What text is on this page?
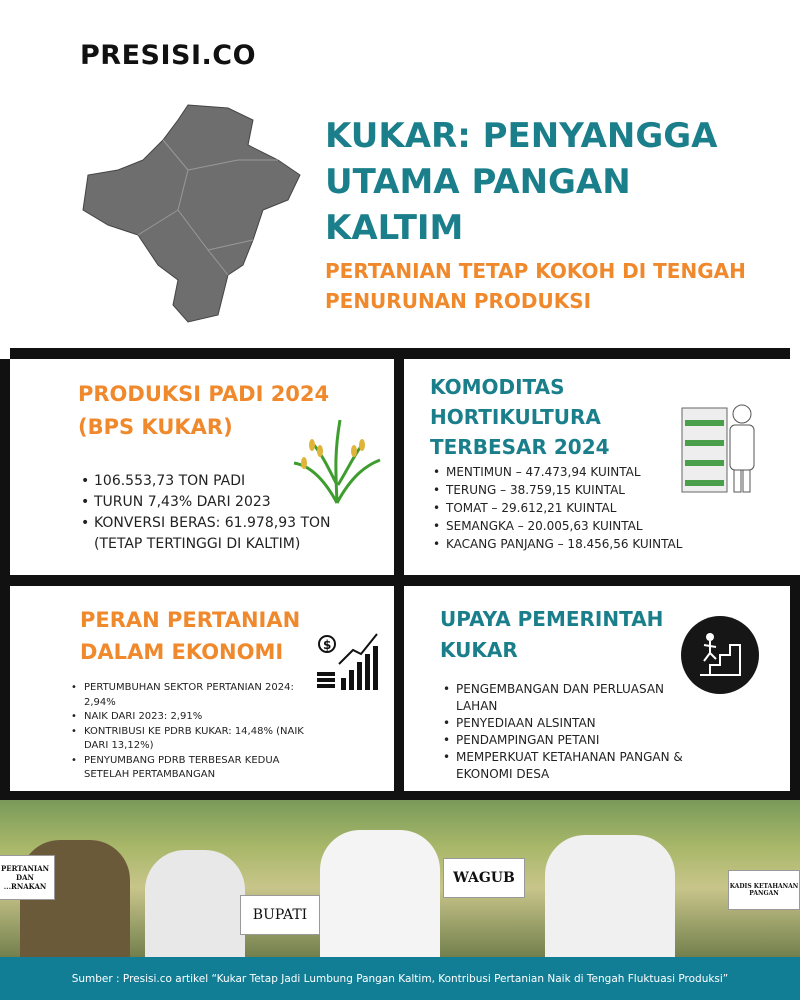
PRESISI.CO
KUKAR: PENYANGGA UTAMA PANGAN KALTIM
PERTANIAN TETAP KOKOH DI TENGAH PENURUNAN PRODUKSI
PRODUKSI PADI 2024 (BPS KUKAR)
• 106.553,73 TON PADI
• TURUN 7,43% DARI 2023
• KONVERSI BERAS: 61.978,93 TON (TETAP TERTINGGI DI KALTIM)
KOMODITAS HORTIKULTURA TERBESAR 2024
• MENTIMUN – 47.473,94 KUINTAL
• TERUNG – 38.759,15 KUINTAL
• TOMAT – 29.612,21 KUINTAL
• SEMANGKA – 20.005,63 KUINTAL
• KACANG PANJANG – 18.456,56 KUINTAL
PERAN PERTANIAN DALAM EKONOMI
• PERTUMBUHAN SEKTOR PERTANIAN 2024: 2,94%
• NAIK DARI 2023: 2,91%
• KONTRIBUSI KE PDRB KUKAR: 14,48% (NAIK DARI 13,12%)
• PENYUMBANG PDRB TERBESAR KEDUA SETELAH PERTAMBANGAN
$
UPAYA PEMERINTAH KUKAR
• PENGEMBANGAN DAN PERLUASAN LAHAN
• PENYEDIAAN ALSINTAN
• PENDAMPINGAN PETANI
• MEMPERKUAT KETAHANAN PANGAN & EKONOMI DESA
PERTANIAN DAN ...RNAKAN
BUPATI
WAGUB
KADIS KETAHANAN PANGAN
Sumber : Presisi.co artikel “Kukar Tetap Jadi Lumbung Pangan Kaltim, Kontribusi Pertanian Naik di Tengah Fluktuasi Produksi”
